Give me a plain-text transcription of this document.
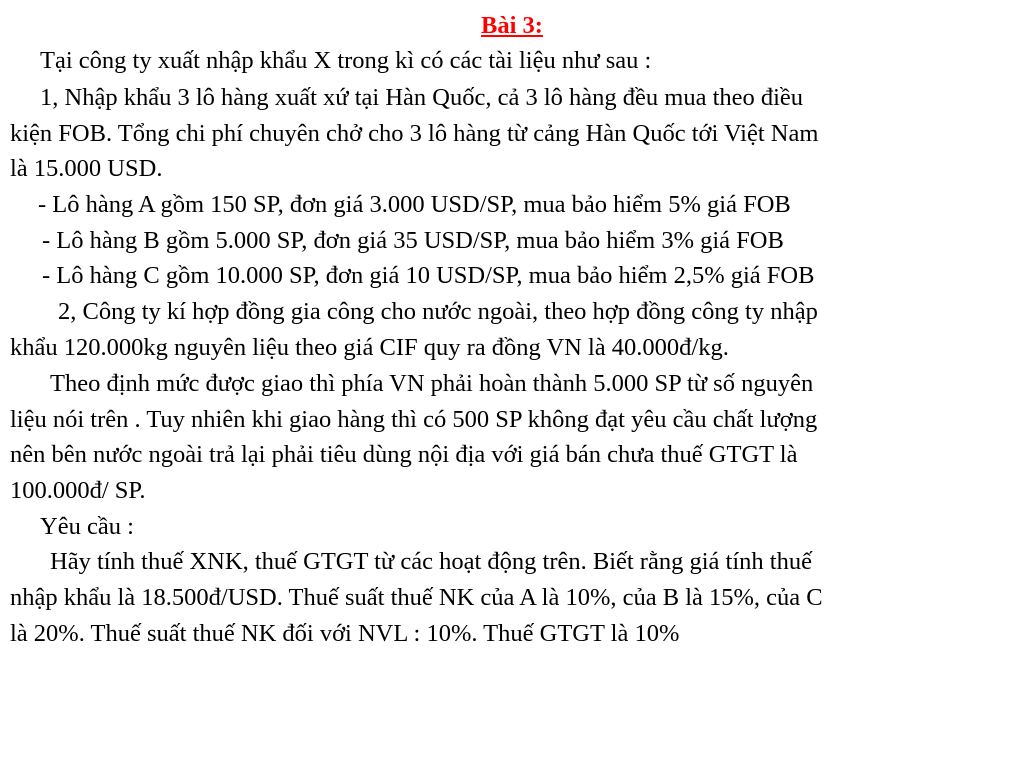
Bài 3:
Tại công ty xuất nhập khẩu X trong kì có các tài liệu như sau :
1, Nhập khẩu 3 lô hàng xuất xứ tại Hàn Quốc, cả 3 lô hàng đều mua theo điều
kiện FOB. Tổng chi phí chuyên chở cho 3 lô hàng từ cảng Hàn Quốc tới Việt Nam
là 15.000 USD.
- Lô hàng A gồm 150 SP, đơn giá 3.000 USD/SP, mua bảo hiểm 5% giá FOB
- Lô hàng B gồm 5.000 SP, đơn giá 35 USD/SP, mua bảo hiểm 3% giá FOB
- Lô hàng C gồm 10.000 SP, đơn giá 10 USD/SP, mua bảo hiểm 2,5% giá FOB
2, Công ty kí hợp đồng gia công cho nước ngoài, theo hợp đồng công ty nhập
khẩu 120.000kg nguyên liệu theo giá CIF quy ra đồng VN là 40.000đ/kg.
Theo định mức được giao thì phía VN phải hoàn thành 5.000 SP từ số nguyên
liệu nói trên . Tuy nhiên khi giao hàng thì có 500 SP không đạt yêu cầu chất lượng
nên bên nước ngoài trả lại phải tiêu dùng nội địa với giá bán chưa thuế GTGT là
100.000đ/ SP.
Yêu cầu :
Hãy tính thuế XNK, thuế GTGT từ các hoạt động trên. Biết rằng giá tính thuế
nhập khẩu là 18.500đ/USD. Thuế suất thuế NK của A là 10%, của B là 15%, của C
là 20%. Thuế suất thuế NK đối với NVL : 10%. Thuế GTGT là 10%
